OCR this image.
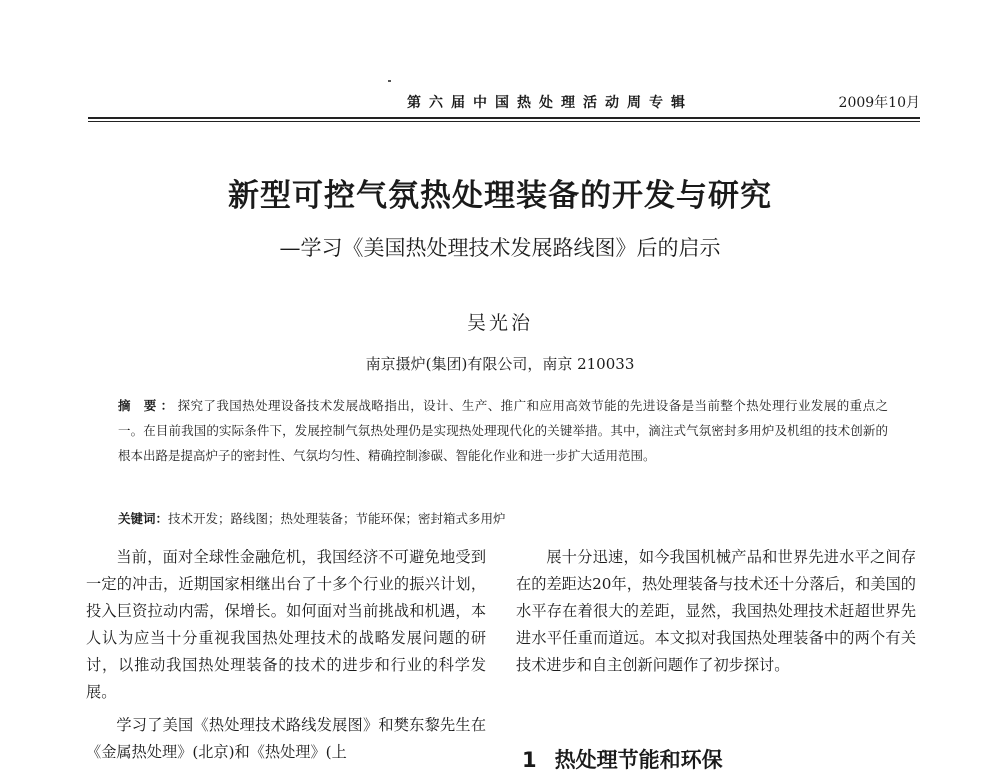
第六届中国热处理活动周专辑	2009年10月
新型可控气氛热处理装备的开发与研究
—学习《美国热处理技术发展路线图》后的启示
吴光治
南京摄炉(集团)有限公司，南京 210033
摘 要：探究了我国热处理设备技术发展战略指出，设计、生产、推广和应用高效节能的先进设备是当前整个热处理行业发展的重点之一。在目前我国的实际条件下，发展控制气氛热处理仍是实现热处理现代化的关键举措。其中，滴注式气氛密封多用炉及机组的技术创新的根本出路是提高炉子的密封性、气氛均匀性、精确控制渗碳、智能化作业和进一步扩大适用范围。
关键词：技术开发；路线图；热处理装备；节能环保；密封箱式多用炉

当前，面对全球性金融危机，我国经济不可避免地受到一定的冲击，近期国家相继出台了十多个行业的振兴计划，投入巨资拉动内需，保增长。如何面对当前挑战和机遇，本人认为应当十分重视我国热处理技术的战略发展问题的研讨，以推动我国热处理装备的技术的进步和行业的科学发展。

学习了美国《热处理技术路线发展图》和樊东黎先生在《金属热处理》(北京)和《热处理》(上

展十分迅速，如今我国机械产品和世界先进水平之间存在的差距达20年，热处理装备与技术还十分落后，和美国的水平存在着很大的差距，显然，我国热处理技术赶超世界先进水平任重而道远。本文拟对我国热处理装备中的两个有关技术进步和自主创新问题作了初步探讨。

1 热处理节能和环保
